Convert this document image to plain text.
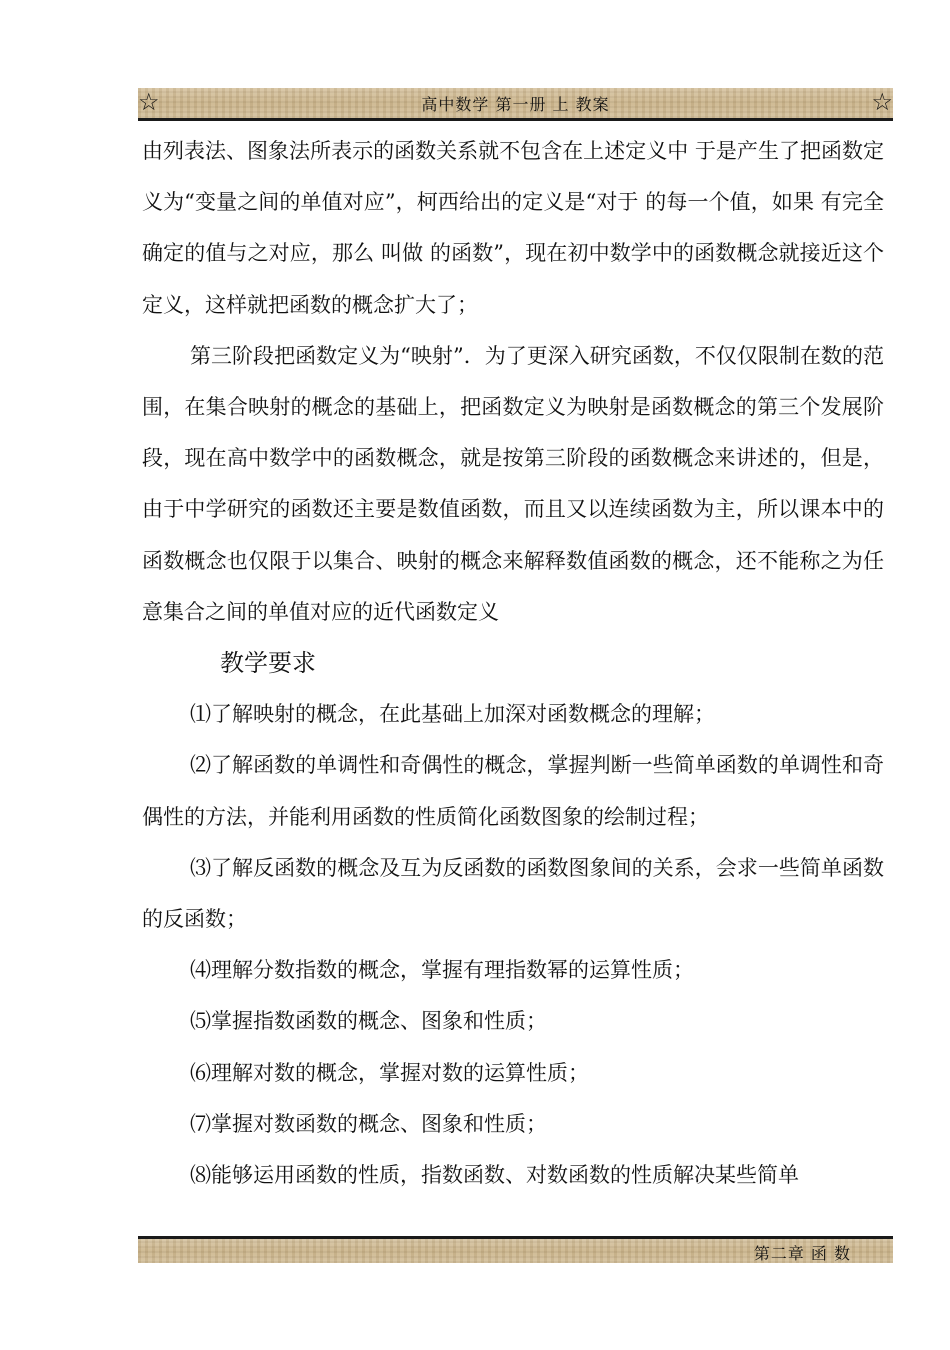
☆	高中数学 第一册 上 教案	☆

由列表法、图象法所表示的函数关系就不包含在上述定义中 于是产生了把函数定义为“变量之间的单值对应”，柯西给出的定义是“对于 的每一个值，如果 有完全确定的值与之对应，那么 叫做 的函数”，现在初中数学中的函数概念就接近这个定义，这样就把函数的概念扩大了；

第三阶段把函数定义为“映射”．为了更深入研究函数，不仅仅限制在数的范围，在集合映射的概念的基础上，把函数定义为映射是函数概念的第三个发展阶段，现在高中数学中的函数概念，就是按第三阶段的函数概念来讲述的，但是，由于中学研究的函数还主要是数值函数，而且又以连续函数为主，所以课本中的函数概念也仅限于以集合、映射的概念来解释数值函数的概念，还不能称之为任意集合之间的单值对应的近代函数定义

教学要求

⑴了解映射的概念，在此基础上加深对函数概念的理解；

⑵了解函数的单调性和奇偶性的概念，掌握判断一些简单函数的单调性和奇偶性的方法，并能利用函数的性质简化函数图象的绘制过程；

⑶了解反函数的概念及互为反函数的函数图象间的关系，会求一些简单函数的反函数；

⑷理解分数指数的概念，掌握有理指数幂的运算性质；

⑸掌握指数函数的概念、图象和性质；

⑹理解对数的概念，掌握对数的运算性质；

⑺掌握对数函数的概念、图象和性质；

⑻能够运用函数的性质，指数函数、对数函数的性质解决某些简单

第二章 函 数
